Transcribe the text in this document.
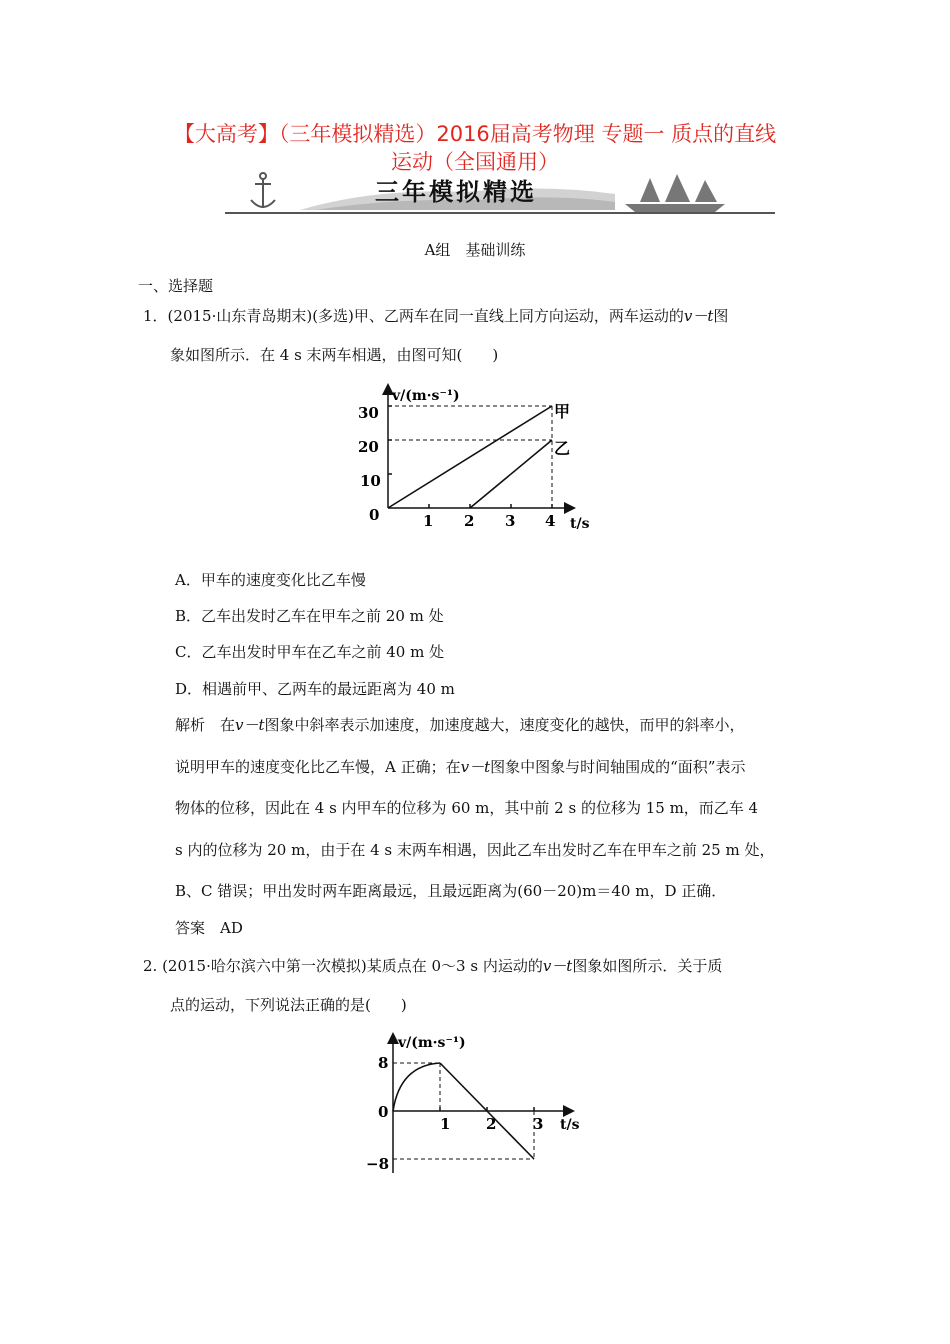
【大高考】（三年模拟精选）2016届高考物理 专题一 质点的直线
运动（全国通用）
三年模拟精选
A组　基础训练
一、选择题
1．(2015·山东青岛期末)(多选)甲、乙两车在同一直线上同方向运动，两车运动的v－t图
象如图所示．在 4 s 末两车相遇，由图可知(　　)
v/(m·s⁻¹)
t/s
30
20
10
0	1 2 3 4
甲
乙
A．甲车的速度变化比乙车慢
B．乙车出发时乙车在甲车之前 20 m 处
C．乙车出发时甲车在乙车之前 40 m 处
D．相遇前甲、乙两车的最远距离为 40 m
解析　在v－t图象中斜率表示加速度，加速度越大，速度变化的越快，而甲的斜率小，
说明甲车的速度变化比乙车慢，A 正确；在v－t图象中图象与时间轴围成的“面积”表示
物体的位移，因此在 4 s 内甲车的位移为 60 m，其中前 2 s 的位移为 15 m，而乙车 4
s 内的位移为 20 m，由于在 4 s 末两车相遇，因此乙车出发时乙车在甲车之前 25 m 处，
B、C 错误；甲出发时两车距离最远，且最远距离为(60－20)m＝40 m，D 正确．
答案　AD
2. (2015·哈尔滨六中第一次模拟)某质点在 0～3 s 内运动的v－t图象如图所示．关于质
点的运动，下列说法正确的是(　　)
v/(m·s⁻¹)
t/s
8
0
−8
1 2 3
